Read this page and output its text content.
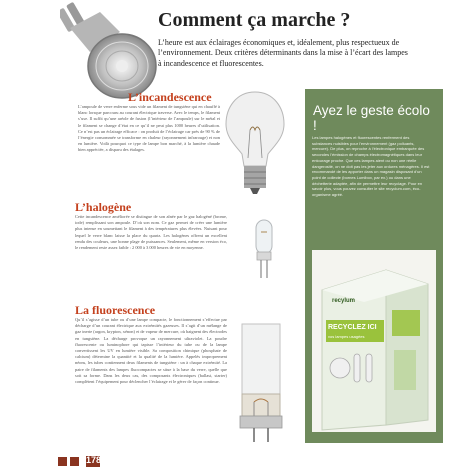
Comment ça marche ?
L’heure est aux éclairages économiques et, idéalement, plus respectueux de l’environnement. Deux critères déterminants dans la mise à l’écart des lampes à incandescence et fluorescentes.
L’incandescence
L’ampoule de verre enferme sous vide un filament de tungstène qui en chauffé à blanc lorsque parcouru au courant électrique traverse. Avec le temps, le filament s’use. Il suffit qu’une aréole de fusion (l’intérieur de l’ampoule) sur le métal et le filament se change d’état en ce qu’il ne peut plus 1000 heures d’utilisation. Ce n’est pas un éclairage efficace : on produit de l’éclairage car près de 90 % de l’énergie consommée se transforme en chaleur (rayonnement infrarouge) et non en lumière. Voilà pourquoi ce type de lampe bon marché, à la lumière chaude bien appréciée, a disparu des étalages.
L’halogène
Cette incandescence améliorée se distingue de son aînée par le gaz halogéné (brome, iode) remplissant son ampoule. D’où son nom. Ce gaz permet de créer une lumière plus intense en soumettant le filament à des températures plus élevées. Nuisant pour lequel le verre blanc laisse la place du quartz. Les halogènes offrent un excellent rendu des couleurs, une bonne plage de puissances. Seulement, même en version éco, le rendement reste assez faible : 2 000 à 3 000 heures de vie en moyenne.
La fluorescence
Qu’il s’agisse d’un tube ou d’une lampe compacte, le fonctionnement s’effectue par décharge d’un courant électrique aux extrémités gazeuses. Il s’agit d’un mélange de gaz inerte (argon, krypton, xénon) et de vapeur de mercure, où baignent des électrodes en tungstène. La décharge provoque un rayonnement ultraviolet. La poudre fluorescente ou luminophore qui tapisse l’intérieur du tube ou de la lampe convertissent les UV en lumière visible. Sa composition chimique (phosphate de calcium) détermine la quantité et la qualité de la lumière. Appelés improprement néons, les tubes contiennent deux filaments de tungstène : un à chaque extrémité. La paire de filaments des lampes fluocompactes se situe à la base du verre, quelle que soit sa forme. Dans les deux cas, des composants électroniques (ballast, starter) complètent l’équipement pour déclencher l’éclairage et le gérer de façon continue.
Ayez le geste écolo !
Les lampes halogènes et fluorescentes renferment des substances nuisibles pour l’environnement (gaz polluants, mercure). De plus, on reproche à l’électronique embarquée des secondes l’émission de champs électromagnétiques dans leur entourage proche. Que ces lampes aient ou non une réelle dangerosité, on ne doit pas les jeter aux ordures ménagères. Il est recommandé de les apporter dans un magasin disposant d’un point de collecte (bornes Lumibox, par ex.) ou dans une déchetterie adaptée, afin de permettre leur recyclage. Pour en savoir plus, vous pouvez consulter le site recyclum.com, éco-organisme agréé.
recylum
RECYCLEZ ICI
vos lampes usagées
178
